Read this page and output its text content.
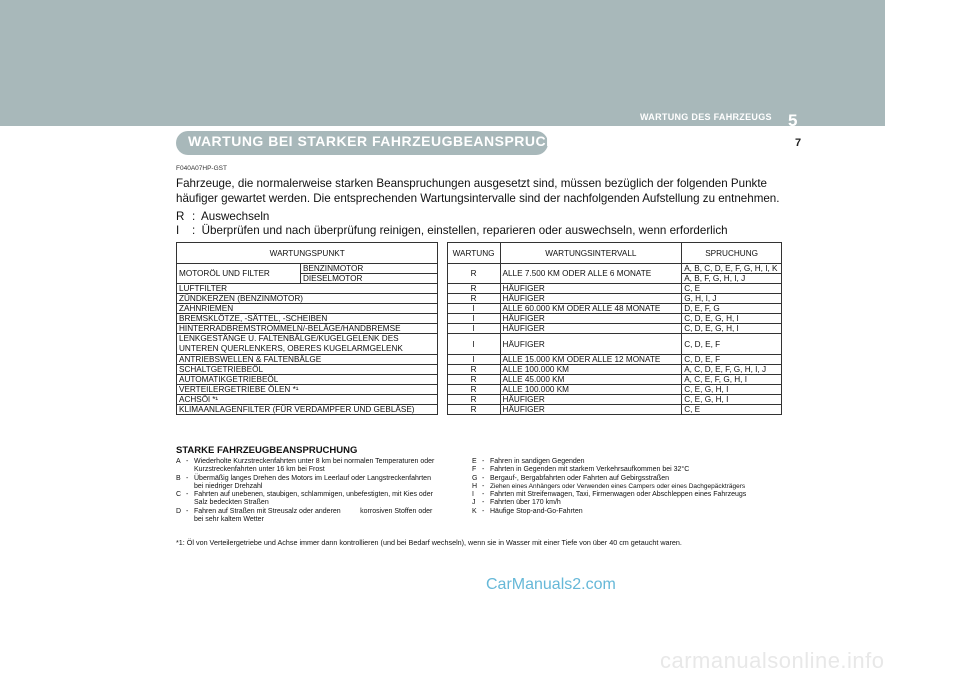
WARTUNG DES FAHRZEUGS 5
7
WARTUNG BEI STARKER FAHRZEUGBEANSPRUCHUNG
F040A07HP-GST
Fahrzeuge, die normalerweise starken Beanspruchungen ausgesetzt sind, müssen bezüglich der folgenden Punkte häufiger gewartet werden. Die entsprechenden Wartungsintervalle sind der nachfolgenden Aufstellung zu entnehmen.
R :  Auswechseln
I :  Überprüfen und nach überprüfung reinigen, einstellen, reparieren oder auswechseln, wenn erforderlich
WARTUNGSPUNKT			WARTUNG	WARTUNGSINTERVALL	SPRUCHUNG
MOTORÖL UND FILTER	BENZINMOTOR		R	ALLE 7.500 KM ODER ALLE 6 MONATE	A, B, C, D, E, F, G, H, I, K
	DIESELMOTOR				A, B, F, G, H, I, J
LUFTFILTER			R	HÄUFIGER	C, E
ZÜNDKERZEN (BENZINMOTOR)			R	HÄUFIGER	G, H, I, J
ZAHNRIEMEN			I	ALLE 60.000 KM ODER ALLE 48 MONATE	D, E, F, G
BREMSKLÖTZE, -SÄTTEL, -SCHEIBEN			I	HÄUFIGER	C, D, E, G, H, I
HINTERRADBREMSTROMMELN/-BELÄGE/HANDBREMSE			I	HÄUFIGER	C, D, E, G, H, I
LENKGESTÄNGE U. FALTENBÄLGE/KUGELGELENK DES
UNTEREN QUERLENKERS, OBERES KUGELARMGELENK			I	HÄUFIGER	C, D, E, F
ANTRIEBSWELLEN & FALTENBÄLGE			I	ALLE 15.000 KM ODER ALLE 12 MONATE	C, D, E, F
SCHALTGETRIEBEÖL			R	ALLE 100.000 KM	A, C, D, E, F, G, H, I, J
AUTOMATIKGETRIEBEÖL			R	ALLE 45.000 KM	A, C, E, F, G, H, I
VERTEILERGETRIEBE ÖLEN *¹			R	ALLE 100.000 KM	C, E, G, H, I
ACHSÖl *¹			R	HÄUFIGER	C, E, G, H, I
KLIMAANLAGENFILTER (FÜR VERDAMPFER UND GEBLÄSE)			R	HÄUFIGER	C, E
STARKE FAHRZEUGBEANSPRUCHUNG
A - Wiederholte Kurzstreckenfahrten unter 8 km bei normalen Temperaturen oder
Kurzstreckenfahrten unter 16 km bei Frost
B - Übermäßig langes Drehen des Motors im Leerlauf oder Langstreckenfahrten
bei niedriger Drehzahl
C - Fahrten auf unebenen, staubigen, schlammigen, unbefestigten, mit Kies oder
Salz bedeckten Straßen
D - Fahren auf Straßen mit Streusalz oder anderen          korrosiven Stoffen oder
bei sehr kaltem Wetter
E - Fahren in sandigen Gegenden
F - Fahrten in Gegenden mit starkem Verkehrsaufkommen bei 32°C
G - Bergauf-, Bergabfahrten oder Fahrten auf Gebirgsstraßen
H - Ziehen eines Anhängers oder Verwenden eines Campers oder eines Dachgepäckträgers
I	- Fahrten mit Streifenwagen, Taxi, Firmenwagen oder Abschleppen eines Fahrzeugs
J - Fahrten über 170 km/h
K - Häufige Stop-and-Go-Fahrten
*1: Öl von Verteilergetriebe und Achse immer dann kontrollieren (und bei Bedarf wechseln), wenn sie in Wasser mit einer Tiefe von über 40 cm getaucht waren.
CarManuals2.com
carmanualsonline.info
